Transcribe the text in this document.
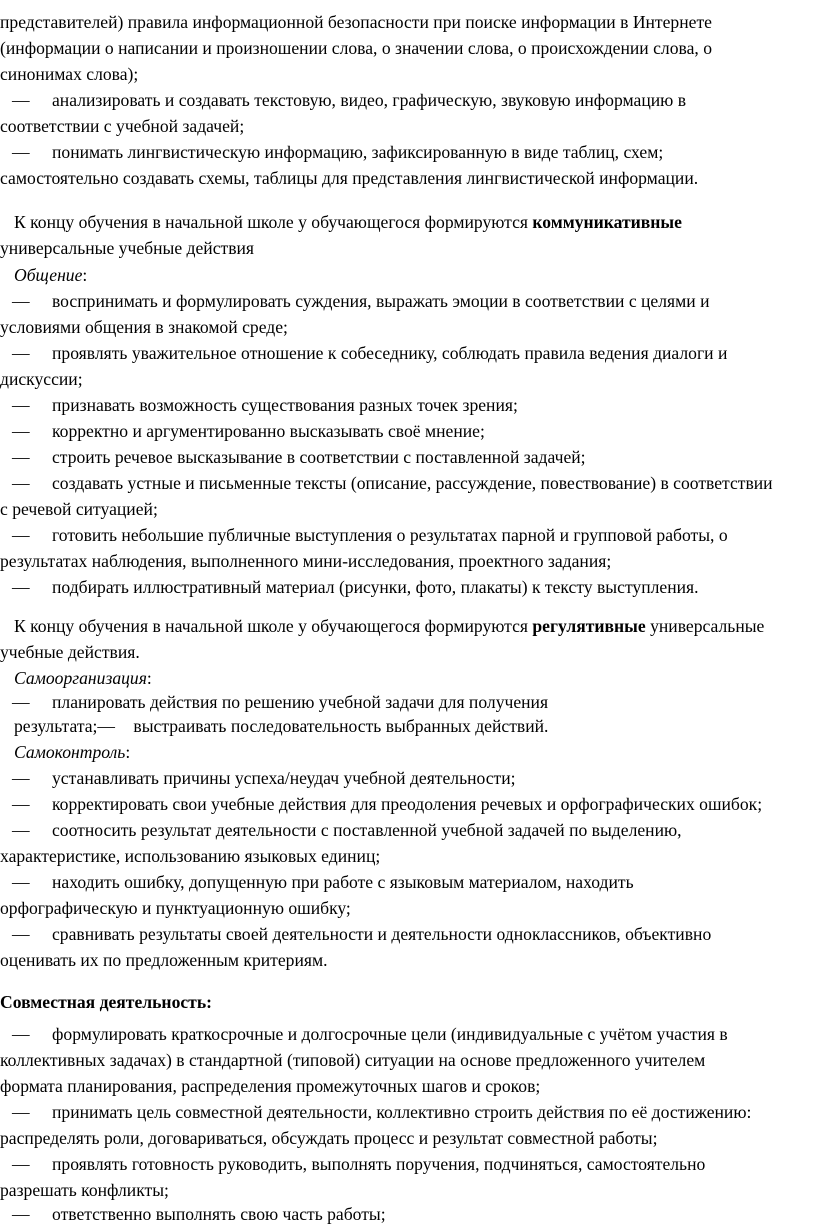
представителей) правила информационной безопасности при поиске информации в Интернете
(информации о написании и произношении слова, о значении слова, о происхождении слова, о
синонимах слова);
— анализировать и создавать текстовую, видео, графическую, звуковую информацию в
соответствии с учебной задачей;
— понимать лингвистическую информацию, зафиксированную в виде таблиц, схем;
самостоятельно создавать схемы, таблицы для представления лингвистической информации.
К концу обучения в начальной школе у обучающегося формируются коммуникативные
универсальные учебные действия
Общение:
— воспринимать и формулировать суждения, выражать эмоции в соответствии с целями и
условиями общения в знакомой среде;
— проявлять уважительное отношение к собеседнику, соблюдать правила ведения диалоги и
дискуссии;
— признавать возможность существования разных точек зрения;
— корректно и аргументированно высказывать своё мнение;
— строить речевое высказывание в соответствии с поставленной задачей;
— создавать устные и письменные тексты (описание, рассуждение, повествование) в соответствии
с речевой ситуацией;
— готовить небольшие публичные выступления о результатах парной и групповой работы, о
результатах наблюдения, выполненного мини-исследования, проектного задания;
— подбирать иллюстративный материал (рисунки, фото, плакаты) к тексту выступления.
К концу обучения в начальной школе у обучающегося формируются регулятивные универсальные
учебные действия.
Самоорганизация:
— планировать действия по решению учебной задачи для получения
результата;— выстраивать последовательность выбранных действий.
Самоконтроль:
— устанавливать причины успеха/неудач учебной деятельности;
— корректировать свои учебные действия для преодоления речевых и орфографических ошибок;
— соотносить результат деятельности с поставленной учебной задачей по выделению,
характеристике, использованию языковых единиц;
— находить ошибку, допущенную при работе с языковым материалом, находить
орфографическую и пунктуационную ошибку;
— сравнивать результаты своей деятельности и деятельности одноклассников, объективно
оценивать их по предложенным критериям.
Совместная деятельность:
— формулировать краткосрочные и долгосрочные цели (индивидуальные с учётом участия в
коллективных задачах) в стандартной (типовой) ситуации на основе предложенного учителем
формата планирования, распределения промежуточных шагов и сроков;
— принимать цель совместной деятельности, коллективно строить действия по её достижению:
распределять роли, договариваться, обсуждать процесс и результат совместной работы;
— проявлять готовность руководить, выполнять поручения, подчиняться, самостоятельно
разрешать конфликты;
— ответственно выполнять свою часть работы;
